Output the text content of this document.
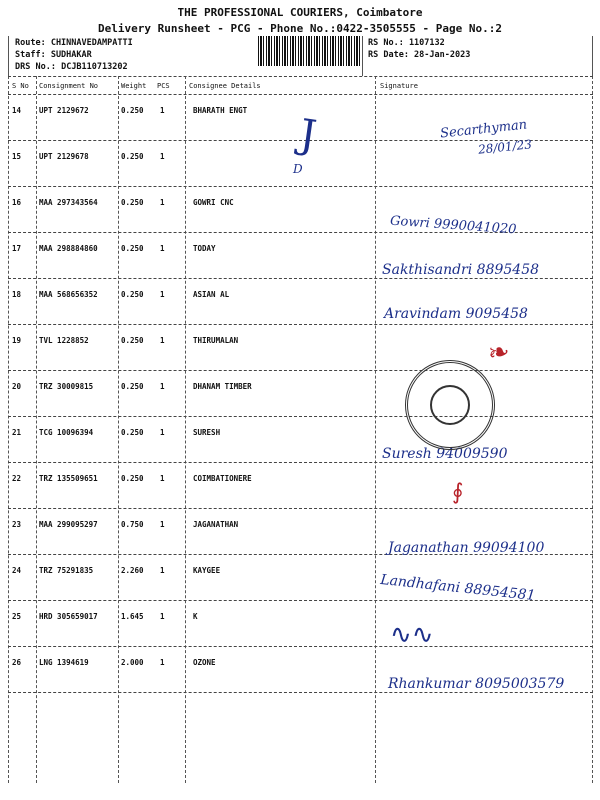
THE PROFESSIONAL COURIERS, Coimbatore
Delivery Runsheet - PCG - Phone No.:0422-3505555 - Page No.:2
Route: CHINNAVEDAMPATTI
Staff: SUDHAKAR
DRS No.: DCJB110713202
RS No.: 1107132
RS Date: 28-Jan-2023
S No Consignment No	Weight PCS	Consignee Details	Signature
14 UPT 2129672	0.250 1	BHARATH ENGT
15 UPT 2129678	0.250 1
16 MAA 297343564	0.250 1	GOWRI CNC
17 MAA 298884860	0.250 1	TODAY
18 MAA 568656352	0.250 1	ASIAN AL
19 TVL 1228852	0.250 1	THIRUMALAN
20 TRZ 30009815	0.250 1	DHANAM TIMBER
21 TCG 10096394	0.250 1	SURESH
22 TRZ 135509651	0.250 1	COIMBATIONERE
23 MAA 299095297	0.750 1	JAGANATHAN
24 TRZ 75291835	2.260 1	KAYGEE
25 HRD 305659017	1.645 1	K
26 LNG 1394619	2.000 1	OZONE
J
D
Secarthyman
28/01/23
Gowri 9990041020
Sakthisandri 8895458
Aravindam 9095458
❧
Suresh 94009590
∮
Jaganathan 99094100
Landhafani 88954581
∿∿
Rhankumar 8095003579
